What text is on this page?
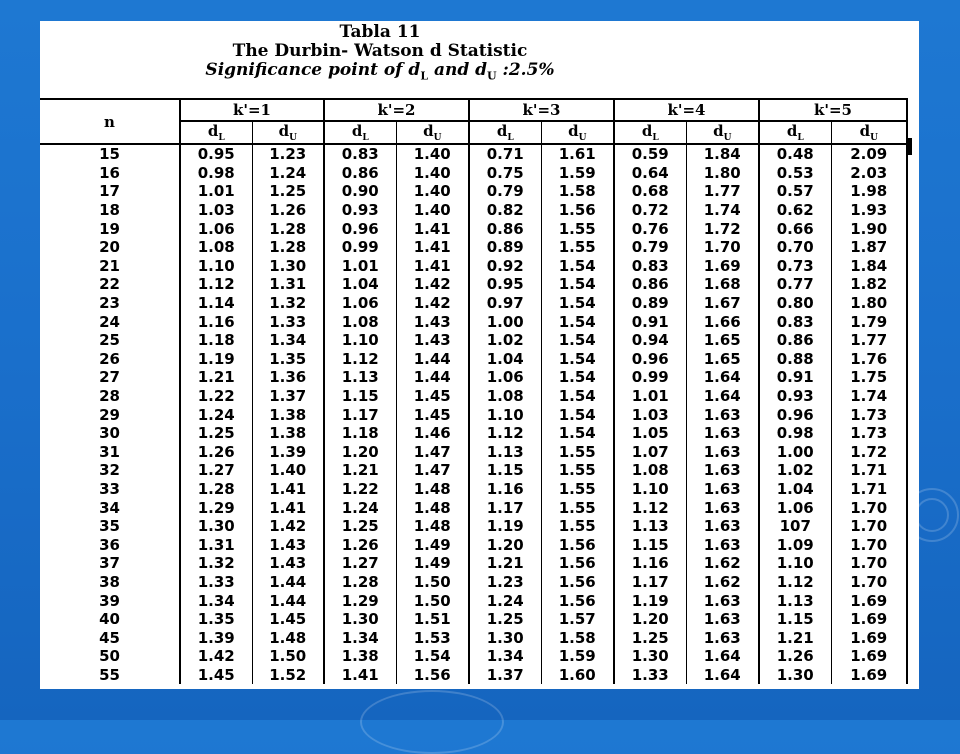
Tabla 11
The Durbin- Watson d Statistic
Significance point of $d_L$ and $d_U$ :2.5%
n	k'=1		k'=2		k'=3		k'=4		k'=5	
	$d_L$	$d_U$	$d_L$	$d_U$	$d_L$	$d_U$	$d_L$	$d_U$	$d_L$	$d_U$
15	0.95	1.23	0.83	1.40	0.71	1.61	0.59	1.84	0.48	2.09
16	0.98	1.24	0.86	1.40	0.75	1.59	0.64	1.80	0.53	2.03
17	1.01	1.25	0.90	1.40	0.79	1.58	0.68	1.77	0.57	1.98
18	1.03	1.26	0.93	1.40	0.82	1.56	0.72	1.74	0.62	1.93
19	1.06	1.28	0.96	1.41	0.86	1.55	0.76	1.72	0.66	1.90
20	1.08	1.28	0.99	1.41	0.89	1.55	0.79	1.70	0.70	1.87
21	1.10	1.30	1.01	1.41	0.92	1.54	0.83	1.69	0.73	1.84
22	1.12	1.31	1.04	1.42	0.95	1.54	0.86	1.68	0.77	1.82
23	1.14	1.32	1.06	1.42	0.97	1.54	0.89	1.67	0.80	1.80
24	1.16	1.33	1.08	1.43	1.00	1.54	0.91	1.66	0.83	1.79
25	1.18	1.34	1.10	1.43	1.02	1.54	0.94	1.65	0.86	1.77
26	1.19	1.35	1.12	1.44	1.04	1.54	0.96	1.65	0.88	1.76
27	1.21	1.36	1.13	1.44	1.06	1.54	0.99	1.64	0.91	1.75
28	1.22	1.37	1.15	1.45	1.08	1.54	1.01	1.64	0.93	1.74
29	1.24	1.38	1.17	1.45	1.10	1.54	1.03	1.63	0.96	1.73
30	1.25	1.38	1.18	1.46	1.12	1.54	1.05	1.63	0.98	1.73
31	1.26	1.39	1.20	1.47	1.13	1.55	1.07	1.63	1.00	1.72
32	1.27	1.40	1.21	1.47	1.15	1.55	1.08	1.63	1.02	1.71
33	1.28	1.41	1.22	1.48	1.16	1.55	1.10	1.63	1.04	1.71
34	1.29	1.41	1.24	1.48	1.17	1.55	1.12	1.63	1.06	1.70
35	1.30	1.42	1.25	1.48	1.19	1.55	1.13	1.63	107	1.70
36	1.31	1.43	1.26	1.49	1.20	1.56	1.15	1.63	1.09	1.70
37	1.32	1.43	1.27	1.49	1.21	1.56	1.16	1.62	1.10	1.70
38	1.33	1.44	1.28	1.50	1.23	1.56	1.17	1.62	1.12	1.70
39	1.34	1.44	1.29	1.50	1.24	1.56	1.19	1.63	1.13	1.69
40	1.35	1.45	1.30	1.51	1.25	1.57	1.20	1.63	1.15	1.69
45	1.39	1.48	1.34	1.53	1.30	1.58	1.25	1.63	1.21	1.69
50	1.42	1.50	1.38	1.54	1.34	1.59	1.30	1.64	1.26	1.69
55	1.45	1.52	1.41	1.56	1.37	1.60	1.33	1.64	1.30	1.69
